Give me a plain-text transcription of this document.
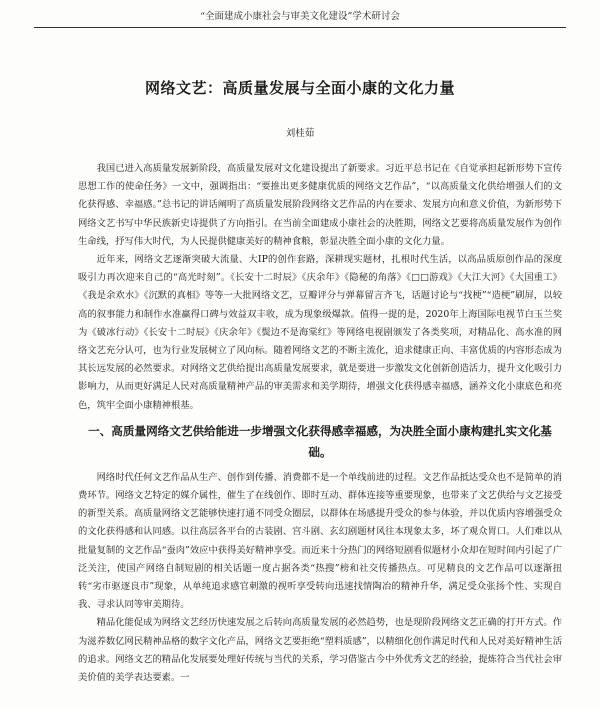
“全面建成小康社会与审美文化建设”学术研讨会
网络文艺：高质量发展与全面小康的文化力量
刘桂茹

我国已进入高质量发展新阶段，高质量发展对文化建设提出了新要求。习近平总书记在《自觉承担起新形势下宣传思想工作的使命任务》一文中，强调指出：“要推出更多健康优质的网络文艺作品”，“以高质量文化供给增强人们的文化获得感、幸福感。”总书记的讲话阐明了高质量发展阶段网络文艺作品的内在要求、发展方向和意义价值，为新形势下网络文艺书写中华民族新史诗提供了方向指引。在当前全面建成小康社会的决胜期，网络文艺要将高质量发展作为创作生命线，抒写伟大时代，为人民提供健康美好的精神食粮，彰显决胜全面小康的文化力量。

近年来，网络文艺逐渐突破大流量、大IP的创作套路，深耕现实题材，扎根时代生活，以高品质原创作品的深度吸引力再次迎来自己的“高光时刻”。《长安十二时辰》《庆余年》《隐秘的角落》《□□游戏》《大江大河》《大国重工》《我是余欢水》《沉默的真相》等等一大批网络文艺，豆瓣评分与弹幕留言齐飞，话题讨论与“找梗”“造梗”刷屏，以较高的叙事能力和制作水准赢得口碑与效益双丰收，成为现象级爆款。值得一提的是，2020年上海国际电视节白玉兰奖为《破冰行动》《长安十二时辰》《庆余年》《鬓边不是海棠红》等网络电视剧颁发了各类奖项，对精品化、高水准的网络文艺充分认可，也为行业发展树立了风向标。随着网络文艺的不断主流化，追求健康正向、丰富优质的内容形态成为其长远发展的必然要求。对网络文艺供给提出高质量发展要求，就是要进一步激发文化创新创造活力，提升文化吸引力影响力，从而更好满足人民对高质量精神产品的审美需求和美学期待，增强文化获得感幸福感，涵养文化小康底色和亮色，筑牢全面小康精神根基。

一、高质量网络文艺供给能进一步增强文化获得感幸福感，为决胜全面小康构建扎实文化基础。

网络时代任何文艺作品从生产、创作到传播、消费都不是一个单线前进的过程。文艺作品抵达受众也不是简单的消费环节。网络文艺特定的媒介属性，催生了在线创作、即时互动、群体连接等重要现象，也带来了文艺供给与文艺接受的新型关系。高质量网络文艺能够快速打通不同受众圈层，以群体在场感提升受众的参与体验，并以优质内容增强受众的文化获得感和认同感。以往高层各平台的古装剧、宫斗剧、玄幻剧题材风往本现象太多，坏了观众胃口。人们难以从批量复制的文艺作品“蚕肉”效应中获得美好精神享受。而近来十分热门的网络短剧看似题材小众却在短时间内引起了广泛关注，使国产网络自制短剧的相关话题一度占据各类“热搜”榜和社交传播热点。可见精良的文艺作品可以逐渐扭转“劣市驱逐良市”现象，从单纯追求感官刺激的视听享受转向迅速找情陶冶的精神升华，满足受众张扬个性、实现自我、寻求认同等审美期待。

精品化能促成为网络文艺经历快速发展之后转向高质量发展的必然趋势，也是现阶段网络文艺正确的打开方式。作为滋养数亿网民精神品格的数字文化产品，网络文艺要拒绝“塑料质感”，以精细化创作满足时代和人民对美好精神生活的追求。网络文艺的精品化发展要处理好传统与当代的关系，学习借鉴古今中外优秀文艺的经验，提炼符合当代社会审美价值的美学表达要素。一
